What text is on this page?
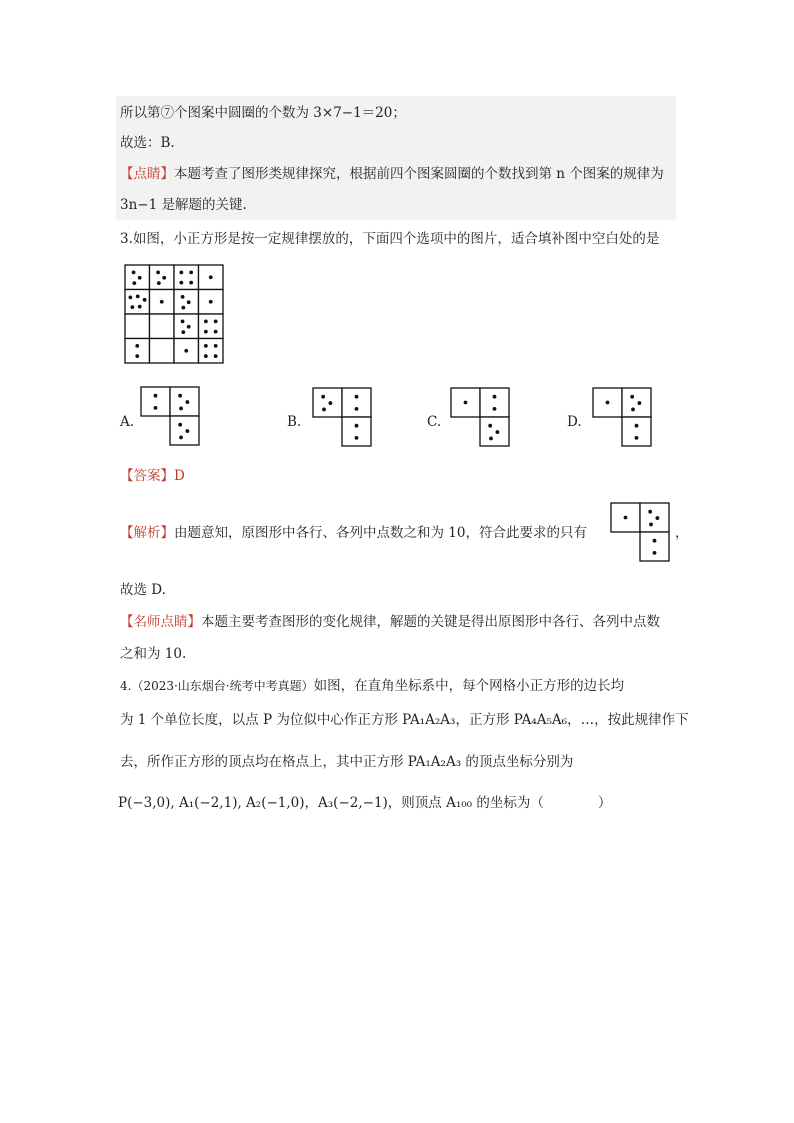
所以第⑦个图案中圆圈的个数为 3×7−1＝20；
故选：B.
【点睛】本题考查了图形类规律探究，根据前四个图案圆圈的个数找到第 n 个图案的规律为
3n−1 是解题的关键.
3.如图，小正方形是按一定规律摆放的，下面四个选项中的图片，适合填补图中空白处的是
A.	B.	C.	D.
【答案】D
【解析】由题意知，原图形中各行、各列中点数之和为 10，符合此要求的只有	，
故选 D.
【名师点睛】本题主要考查图形的变化规律，解题的关键是得出原图形中各行、各列中点数
之和为 10.
4.（2023·山东烟台·统考中考真题）如图，在直角坐标系中，每个网格小正方形的边长均
为 1 个单位长度，以点 P 为位似中心作正方形 PA₁A₂A₃，正方形 PA₄A₅A₆，…，按此规律作下
去，所作正方形的顶点均在格点上，其中正方形 PA₁A₂A₃ 的顶点坐标分别为
P(−3,0), A₁(−2,1), A₂(−1,0)，A₃(−2,−1)，则顶点 A₁₀₀ 的坐标为（　　　　）
